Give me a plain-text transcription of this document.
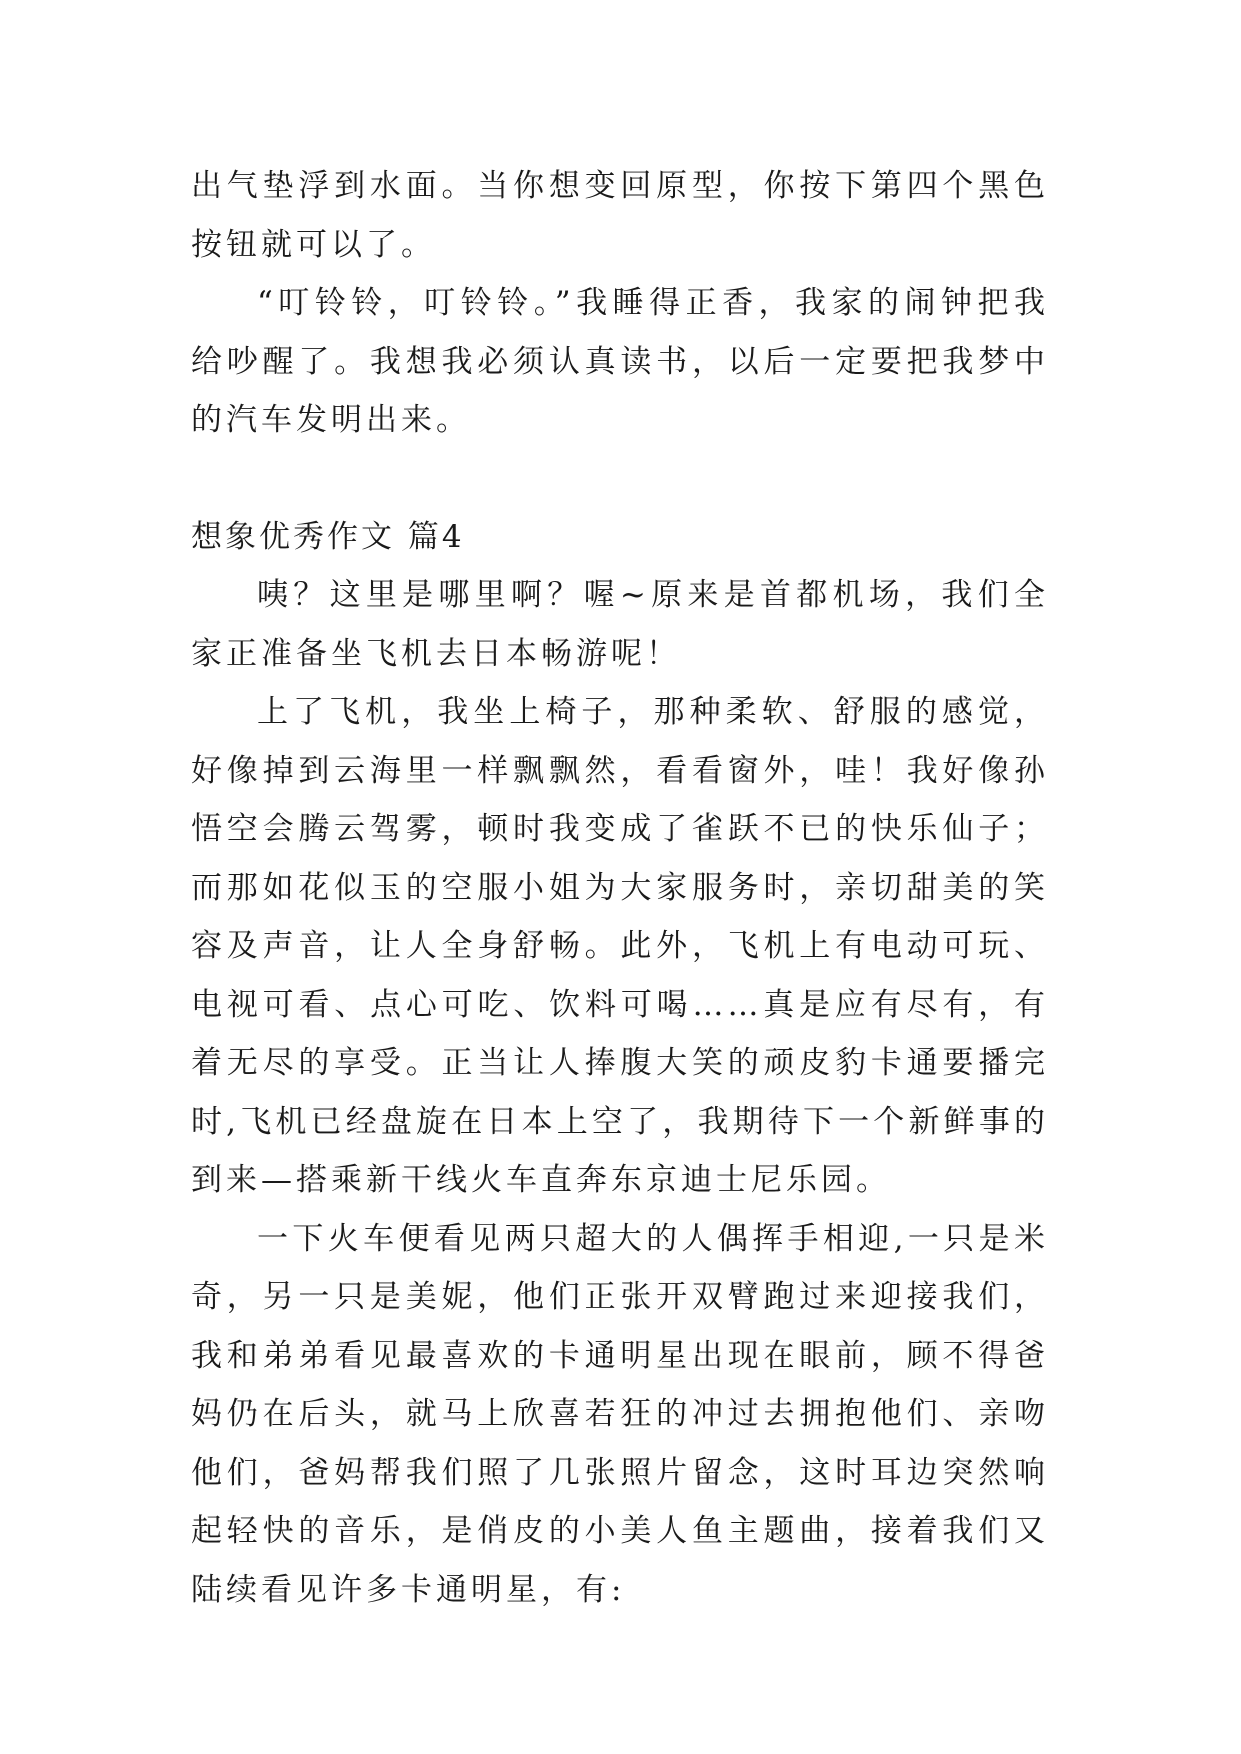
出气垫浮到水面。当你想变回原型，你按下第四个黑色按钮就可以了。

“叮铃铃，叮铃铃。”我睡得正香，我家的闹钟把我给吵醒了。我想我必须认真读书，以后一定要把我梦中的汽车发明出来。

想象优秀作文 篇4

咦？这里是哪里啊？喔~原来是首都机场，我们全家正准备坐飞机去日本畅游呢！

上了飞机，我坐上椅子，那种柔软、舒服的感觉，好像掉到云海里一样飘飘然，看看窗外，哇！我好像孙悟空会腾云驾雾，顿时我变成了雀跃不已的快乐仙子；而那如花似玉的空服小姐为大家服务时，亲切甜美的笑容及声音，让人全身舒畅。此外，飞机上有电动可玩、电视可看、点心可吃、饮料可喝……真是应有尽有，有着无尽的享受。正当让人捧腹大笑的顽皮豹卡通要播完时,飞机已经盘旋在日本上空了，我期待下一个新鲜事的到来—搭乘新干线火车直奔东京迪士尼乐园。

一下火车便看见两只超大的人偶挥手相迎,一只是米奇，另一只是美妮，他们正张开双臂跑过来迎接我们，我和弟弟看见最喜欢的卡通明星出现在眼前，顾不得爸妈仍在后头，就马上欣喜若狂的冲过去拥抱他们、亲吻他们，爸妈帮我们照了几张照片留念，这时耳边突然响起轻快的音乐，是俏皮的小美人鱼主题曲，接着我们又陆续看见许多卡通明星，有:
